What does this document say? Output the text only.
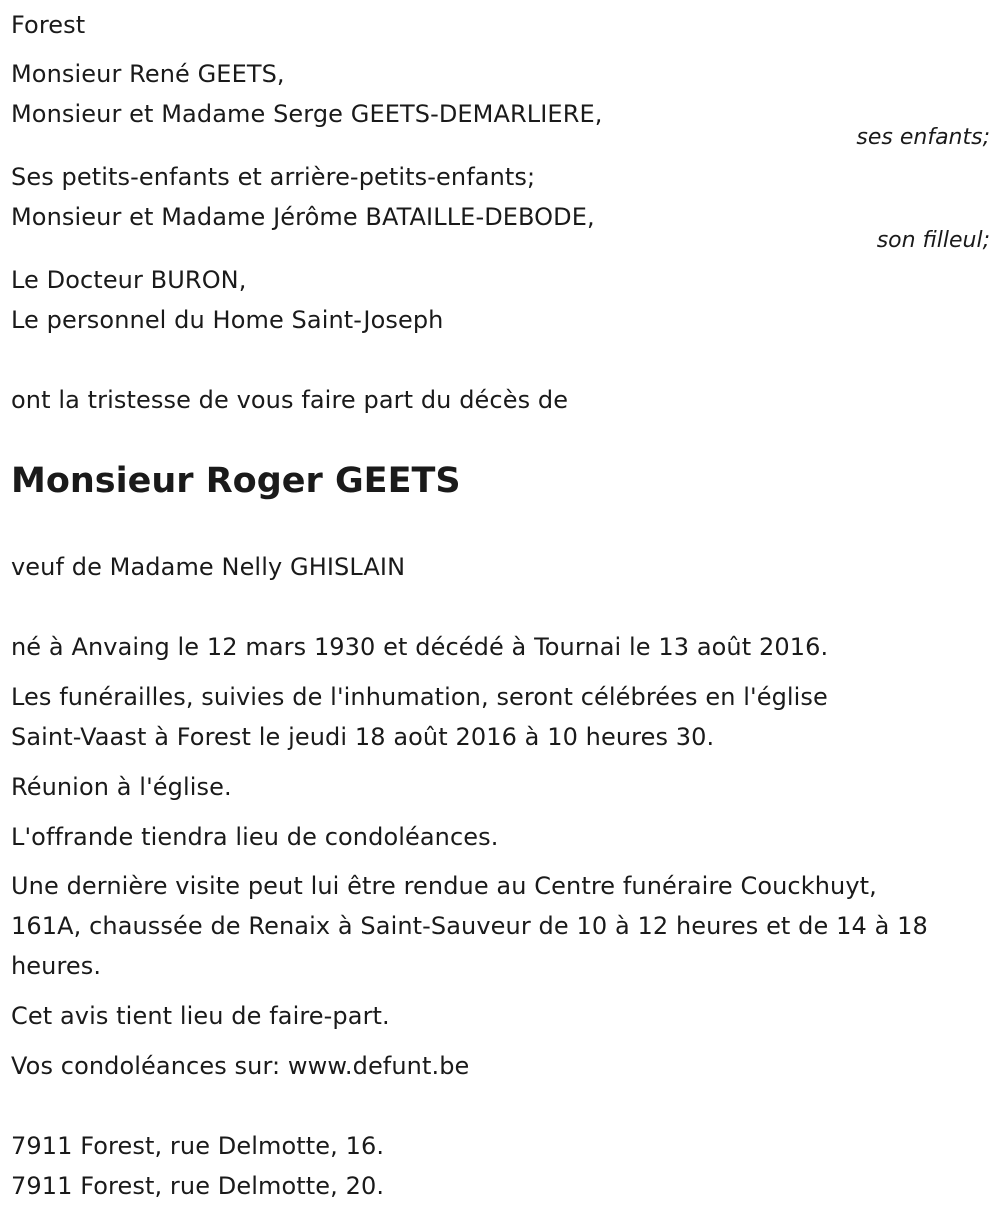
Forest
Monsieur René GEETS,
Monsieur et Madame Serge GEETS-DEMARLIERE,
ses enfants;
Ses petits-enfants et arrière-petits-enfants;
Monsieur et Madame Jérôme BATAILLE-DEBODE,
son filleul;
Le Docteur BURON,
Le personnel du Home Saint-Joseph
ont la tristesse de vous faire part du décès de
Monsieur Roger GEETS
veuf de Madame Nelly GHISLAIN
né à Anvaing le 12 mars 1930 et décédé à Tournai le 13 août 2016.
Les funérailles, suivies de l'inhumation, seront célébrées en l'église
Saint-Vaast à Forest le jeudi 18 août 2016 à 10 heures 30.
Réunion à l'église.
L'offrande tiendra lieu de condoléances.
Une dernière visite peut lui être rendue au Centre funéraire Couckhuyt,
161A, chaussée de Renaix à Saint-Sauveur de 10 à 12 heures et de 14 à 18
heures.
Cet avis tient lieu de faire-part.
Vos condoléances sur: www.defunt.be
7911 Forest, rue Delmotte, 16.
7911 Forest, rue Delmotte, 20.
